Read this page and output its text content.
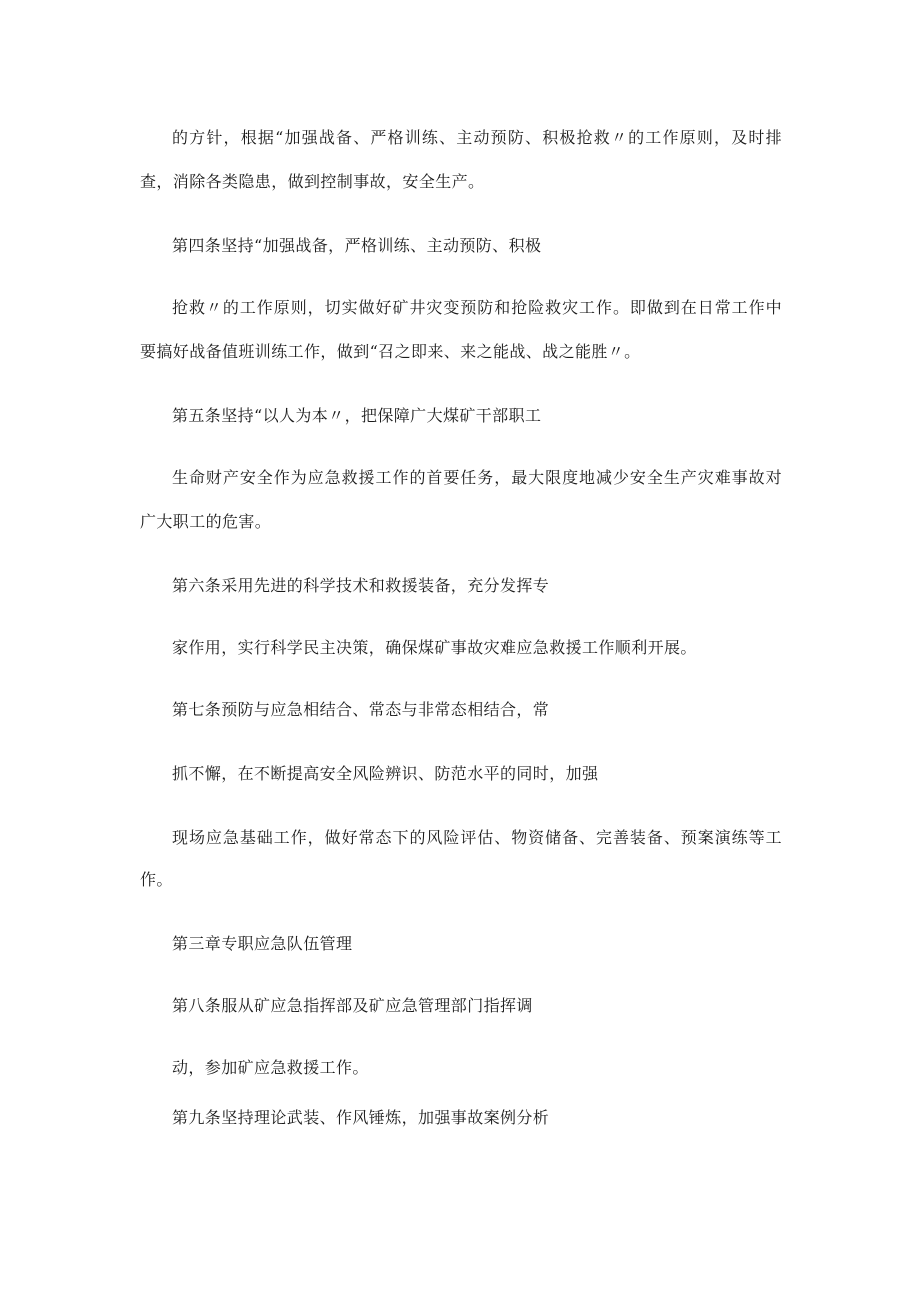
的方针，根据“加强战备、严格训练、主动预防、积极抢救〃的工作原则，及时排
查，消除各类隐患，做到控制事故，安全生产。
第四条坚持“加强战备，严格训练、主动预防、积极
抢救〃的工作原则，切实做好矿井灾变预防和抢险救灾工作。即做到在日常工作中
要搞好战备值班训练工作，做到“召之即来、来之能战、战之能胜〃。
第五条坚持“以人为本〃，把保障广大煤矿干部职工
生命财产安全作为应急救援工作的首要任务，最大限度地减少安全生产灾难事故对
广大职工的危害。
第六条采用先进的科学技术和救援装备，充分发挥专
家作用，实行科学民主决策，确保煤矿事故灾难应急救援工作顺利开展。
第七条预防与应急相结合、常态与非常态相结合，常
抓不懈，在不断提高安全风险辨识、防范水平的同时，加强
现场应急基础工作，做好常态下的风险评估、物资储备、完善装备、预案演练等工
作。
第三章专职应急队伍管理
第八条服从矿应急指挥部及矿应急管理部门指挥调
动，参加矿应急救援工作。
第九条坚持理论武装、作风锤炼，加强事故案例分析
